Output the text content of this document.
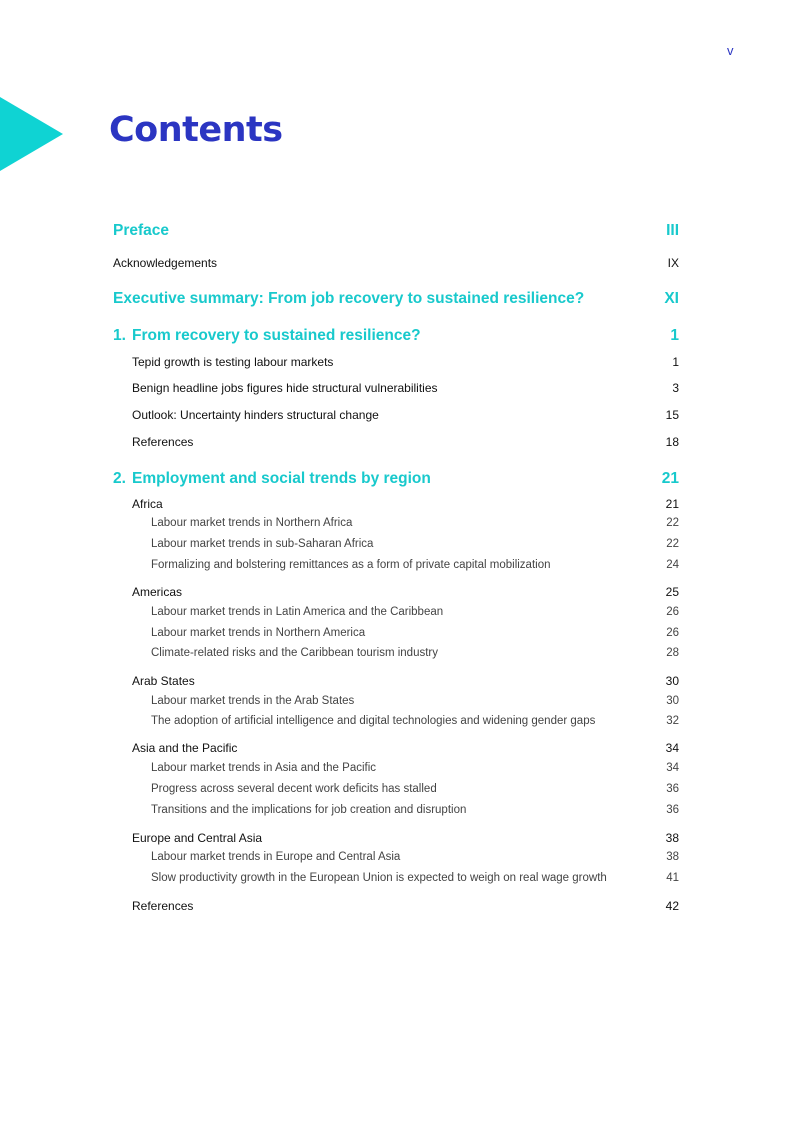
v
Contents
Preface	III
Acknowledgements	IX
Executive summary: From job recovery to sustained resilience?	XI
1. From recovery to sustained resilience?	1
Tepid growth is testing labour markets	1
Benign headline jobs figures hide structural vulnerabilities	3
Outlook: Uncertainty hinders structural change	15
References	18
2. Employment and social trends by region	21
Africa	21
Labour market trends in Northern Africa	22
Labour market trends in sub-Saharan Africa	22
Formalizing and bolstering remittances as a form of private capital mobilization	24
Americas	25
Labour market trends in Latin America and the Caribbean	26
Labour market trends in Northern America	26
Climate-related risks and the Caribbean tourism industry	28
Arab States	30
Labour market trends in the Arab States	30
The adoption of artificial intelligence and digital technologies and widening gender gaps	32
Asia and the Pacific	34
Labour market trends in Asia and the Pacific	34
Progress across several decent work deficits has stalled	36
Transitions and the implications for job creation and disruption	36
Europe and Central Asia	38
Labour market trends in Europe and Central Asia	38
Slow productivity growth in the European Union is expected to weigh on real wage growth	41
References	42
